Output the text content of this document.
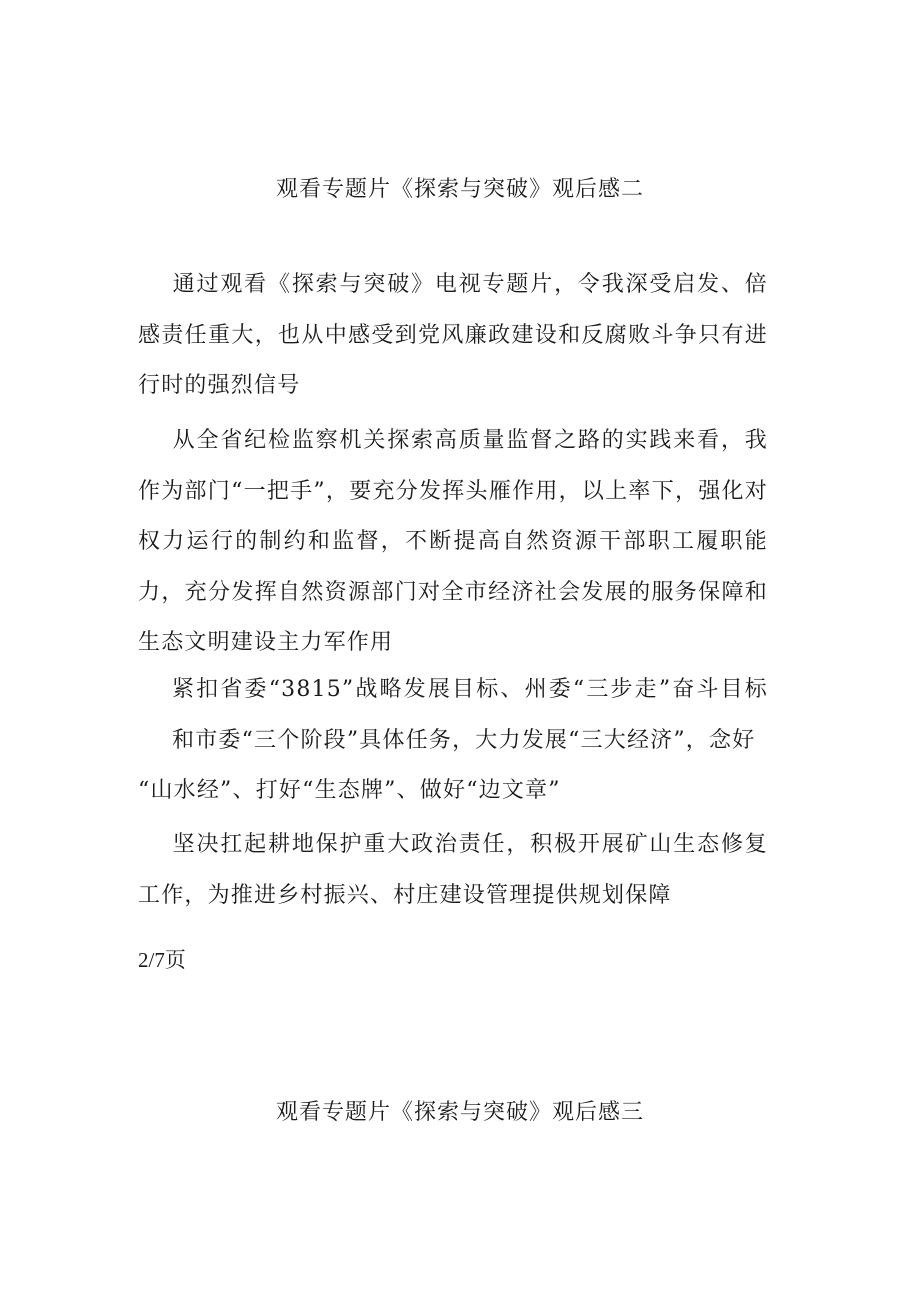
观看专题片《探索与突破》观后感二

通过观看《探索与突破》电视专题片，令我深受启发、倍感责任重大，也从中感受到党风廉政建设和反腐败斗争只有进行时的强烈信号

从全省纪检监察机关探索高质量监督之路的实践来看，我作为部门“一把手”，要充分发挥头雁作用，以上率下，强化对权力运行的制约和监督，不断提高自然资源干部职工履职能力，充分发挥自然资源部门对全市经济社会发展的服务保障和生态文明建设主力军作用

紧扣省委“3815”战略发展目标、州委“三步走”奋斗目标和市委“三个阶段”具体任务，大力发展“三大经济”，念好
“山水经”、打好“生态牌”、做好“边文章”

坚决扛起耕地保护重大政治责任，积极开展矿山生态修复工作，为推进乡村振兴、村庄建设管理提供规划保障

2/7页

观看专题片《探索与突破》观后感三
